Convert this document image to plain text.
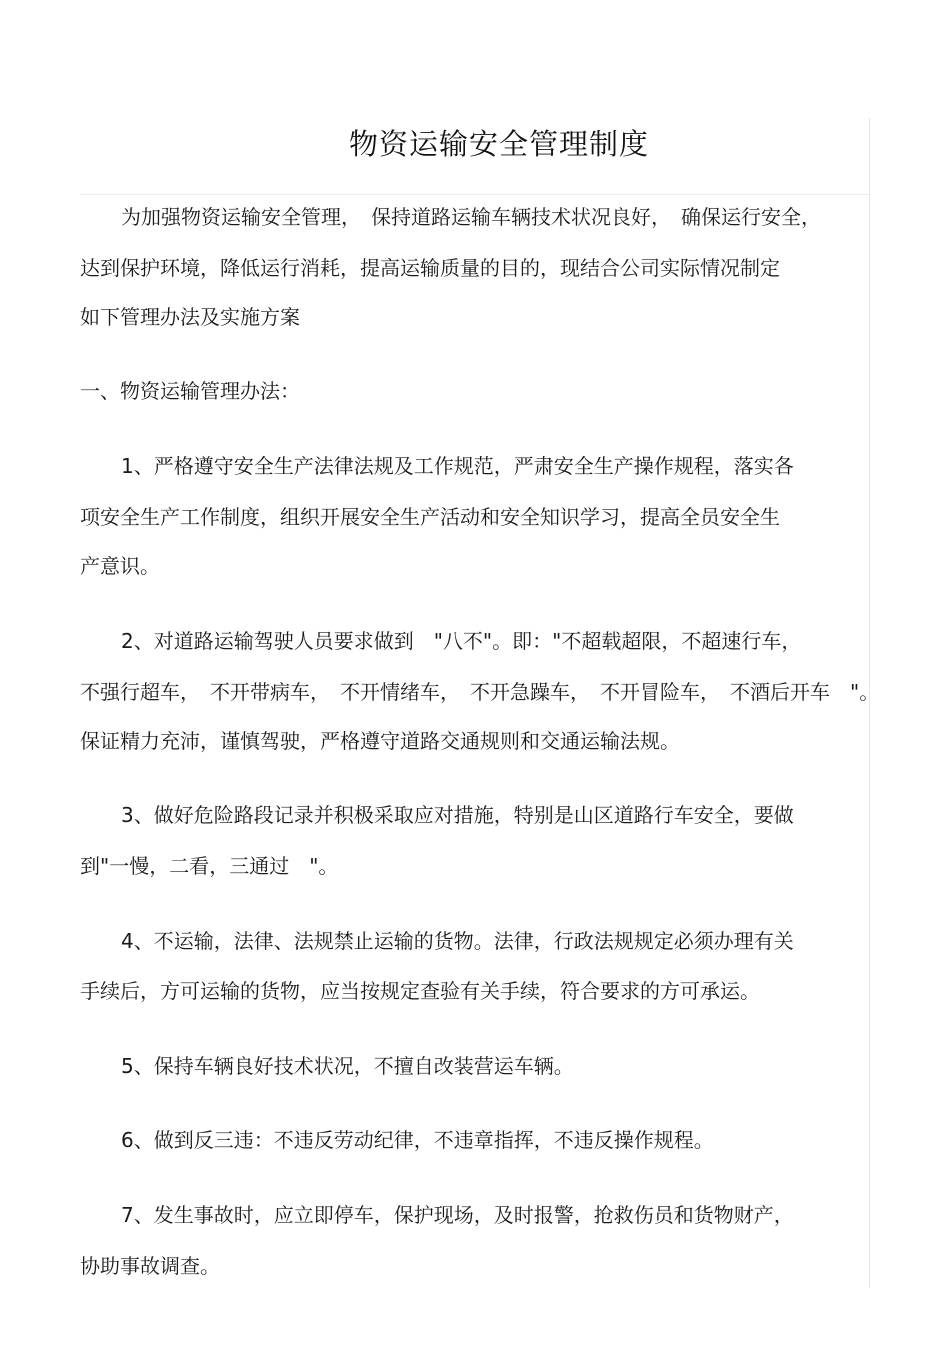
物资运输安全管理制度
为加强物资运输安全管理，　保持道路运输车辆技术状况良好，　确保运行安全，
达到保护环境，降低运行消耗，提高运输质量的目的，现结合公司实际情况制定
如下管理办法及实施方案
一、物资运输管理办法：
1、严格遵守安全生产法律法规及工作规范，严肃安全生产操作规程，落实各
项安全生产工作制度，组织开展安全生产活动和安全知识学习，提高全员安全生
产意识。
2、对道路运输驾驶人员要求做到　"八不"。即："不超载超限，不超速行车，
不强行超车，　不开带病车，　不开情绪车，　不开急躁车，　不开冒险车，　不酒后开车　"。
保证精力充沛，谨慎驾驶，严格遵守道路交通规则和交通运输法规。
3、做好危险路段记录并积极采取应对措施，特别是山区道路行车安全，要做
到"一慢，二看，三通过　"。
4、不运输，法律、法规禁止运输的货物。法律，行政法规规定必须办理有关
手续后，方可运输的货物，应当按规定查验有关手续，符合要求的方可承运。
5、保持车辆良好技术状况，不擅自改装营运车辆。
6、做到反三违：不违反劳动纪律，不违章指挥，不违反操作规程。
7、发生事故时，应立即停车，保护现场，及时报警，抢救伤员和货物财产，
协助事故调查。
